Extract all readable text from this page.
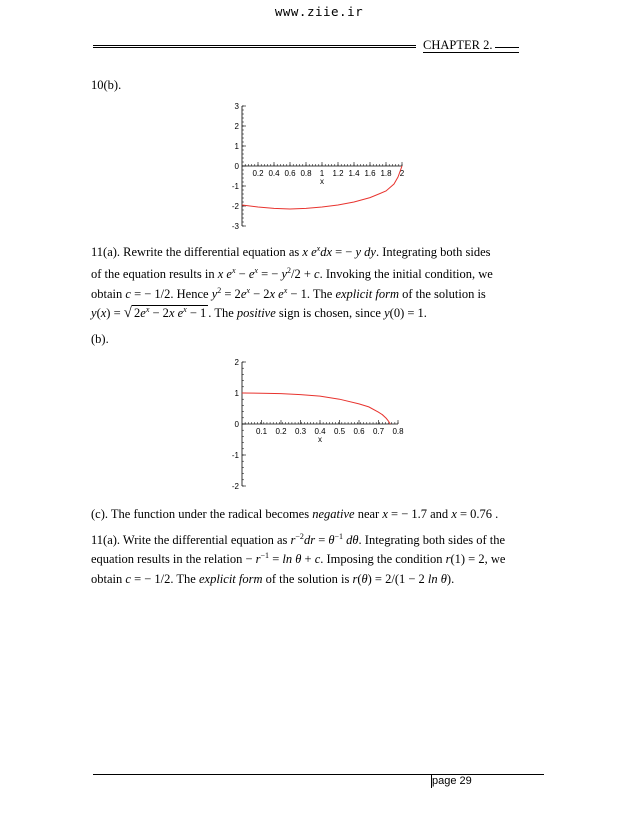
www.ziie.ir
CHAPTER 2.
10(b).
0.2 0.4 0.6 0.8 1 1.2 1.4 1.6 1.8 2
x
3
2
1
0
-1
-2
-3
11(a). Rewrite the differential equation as x $e^xdx$ = − y dy. Integrating both sides
of the equation results in x $e^x - e^x$ = − $y^2/2 + c$. Invoking the initial condition, we
obtain c = − 1/2. Hence $y^2 = 2e^x - 2x$ $e^x - 1$. The explicit form of the solution is
y(x) = √ $2e^x - 2x$ $e^x - 1$ . The positive sign is chosen, since y(0) = 1.
(b).
0.1 0.2 0.3 0.4 0.5 0.6 0.7 0.8
x
2
1
0
-1
-2
(c). The function under the radical becomes negative near x = − 1.7 and x = 0.76 .
11(a). Write the differential equation as $r^{-2}dr = \theta^{-1}$ dθ. Integrating both sides of the
equation results in the relation − $r^{-1} = \ln \theta + c$. Imposing the condition r(1) = 2, we
obtain c = − 1/2. The explicit form of the solution is r(θ) = 2/(1 − 2 ln θ).
page 29
